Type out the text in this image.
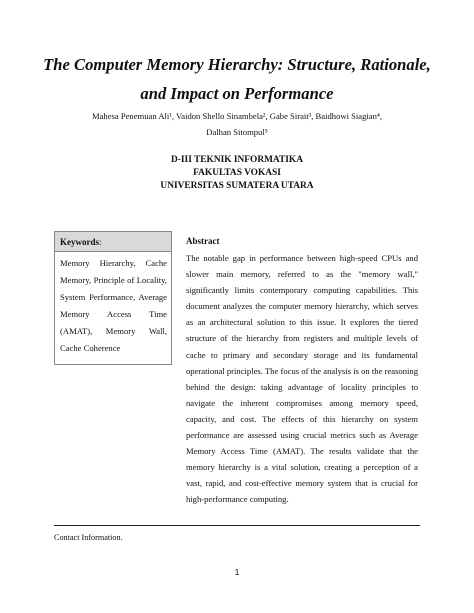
The Computer Memory Hierarchy: Structure, Rationale, and Impact on Performance
Mahesa Penemuan Ali¹, Vaidon Shello Sinambela², Gabe Sirait³, Baidhowi Siagian⁴,
Dalhan Sitompul⁵
D-III TEKNIK INFORMATIKA
FAKULTAS VOKASI
UNIVERSITAS SUMATERA UTARA
Keywords:
Memory Hierarchy, Cache Memory, Principle of Locality, System Performance, Average Memory Access Time (AMAT), Memory Wall, Cache Coherence
Abstract
The notable gap in performance between high-speed CPUs and slower main memory, referred to as the "memory wall," significantly limits contemporary computing capabilities. This document analyzes the computer memory hierarchy, which serves as an architectural solution to this issue. It explores the tiered structure of the hierarchy from registers and multiple levels of cache to primary and secondary storage and its fundamental operational principles. The focus of the analysis is on the reasoning behind the design: taking advantage of locality principles to navigate the inherent compromises among memory speed, capacity, and cost. The effects of this hierarchy on system performance are assessed using crucial metrics such as Average Memory Access Time (AMAT). The results validate that the memory hierarchy is a vital solution, creating a perception of a vast, rapid, and cost-effective memory system that is crucial for high-performance computing.
Contact Information.
1
